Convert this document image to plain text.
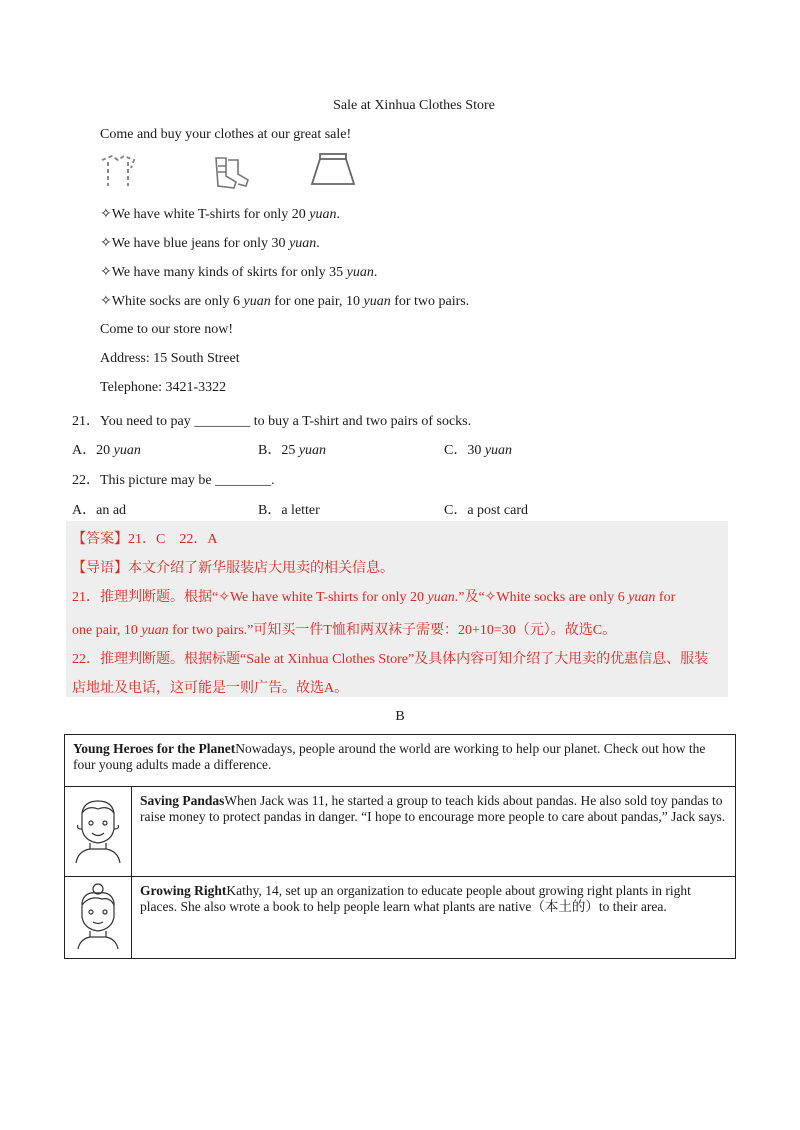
Sale at Xinhua Clothes Store
Come and buy your clothes at our great sale!
✧We have white T-shirts for only 20 yuan.
✧We have blue jeans for only 30 yuan.
✧We have many kinds of skirts for only 35 yuan.
✧White socks are only 6 yuan for one pair, 10 yuan for two pairs.
Come to our store now!
Address: 15 South Street
Telephone: 3421-3322
21．You need to pay ________ to buy a T-shirt and two pairs of socks.
A．20 yuan	B．25 yuan	C．30 yuan
22．This picture may be ________.
A．an ad	B．a letter	C．a post card
【答案】21．C　22．A
【导语】本文介绍了新华服装店大甩卖的相关信息。
21．推理判断题。根据“✧We have white T-shirts for only 20 yuan.”及“✧White socks are only 6 yuan for
one pair, 10 yuan for two pairs.”可知买一件T恤和两双袜子需要：20+10=30（元）。故选C。
22．推理判断题。根据标题“Sale at Xinhua Clothes Store”及具体内容可知介绍了大甩卖的优惠信息、服装
店地址及电话，这可能是一则广告。故选A。
B
Young Heroes for the PlanetNowadays, people around the world are working to help our planet. Check out how the four young adults made a difference.	
	Saving PandasWhen Jack was 11, he started a group to teach kids about pandas. He also sold toy pandas to raise money to protect pandas in danger. “I hope to encourage more people to care about pandas,” Jack says.
	Growing RightKathy, 14, set up an organization to educate people about growing right plants in right places. She also wrote a book to help people learn what plants are native（本土的）to their area.
